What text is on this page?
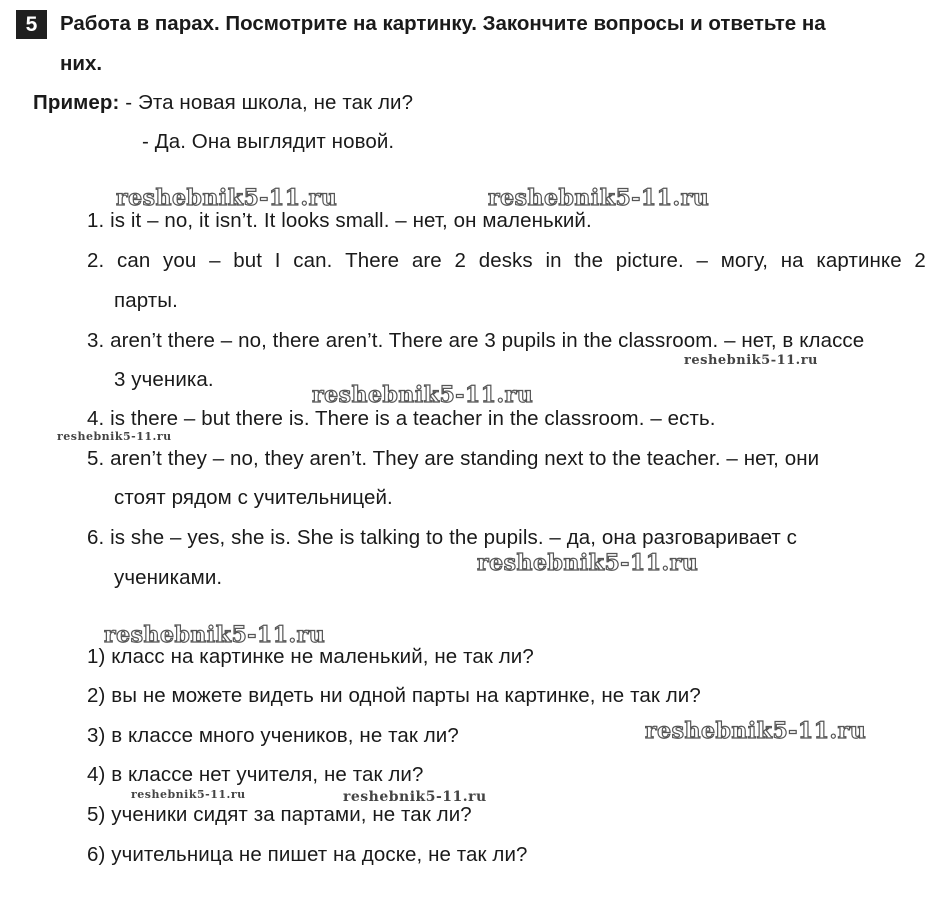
5	Работа в парах. Посмотрите на картинку. Закончите вопросы и ответьте на
них.
Пример: - Эта новая школа, не так ли?
- Да. Она выглядит новой.
1. is it – no, it isn’t. It looks small. – нет, он маленький.
2. can you – but I can. There are 2 desks in the picture. – могу, на картинке 2
парты.
3. aren’t there – no, there aren’t. There are 3 pupils in the classroom. – нет, в классе
3 ученика.
4. is there – but there is. There is a teacher in the classroom. – есть.
5. aren’t they – no, they aren’t. They are standing next to the teacher. – нет, они
стоят рядом с учительницей.
6. is she – yes, she is. She is talking to the pupils. – да, она разговаривает с
учениками.
1) класс на картинке не маленький, не так ли?
2) вы не можете видеть ни одной парты на картинке, не так ли?
3) в классе много учеников, не так ли?
4) в классе нет учителя, не так ли?
5) ученики сидят за партами, не так ли?
6) учительница не пишет на доске, не так ли?
reshebnik5-11.ru	reshebnik5-11.ru
reshebnik5-11.ru
reshebnik5-11.ru
reshebnik5-11.ru
reshebnik5-11.ru
reshebnik5-11.ru
reshebnik5-11.ru
reshebnik5-11.ru	reshebnik5-11.ru
